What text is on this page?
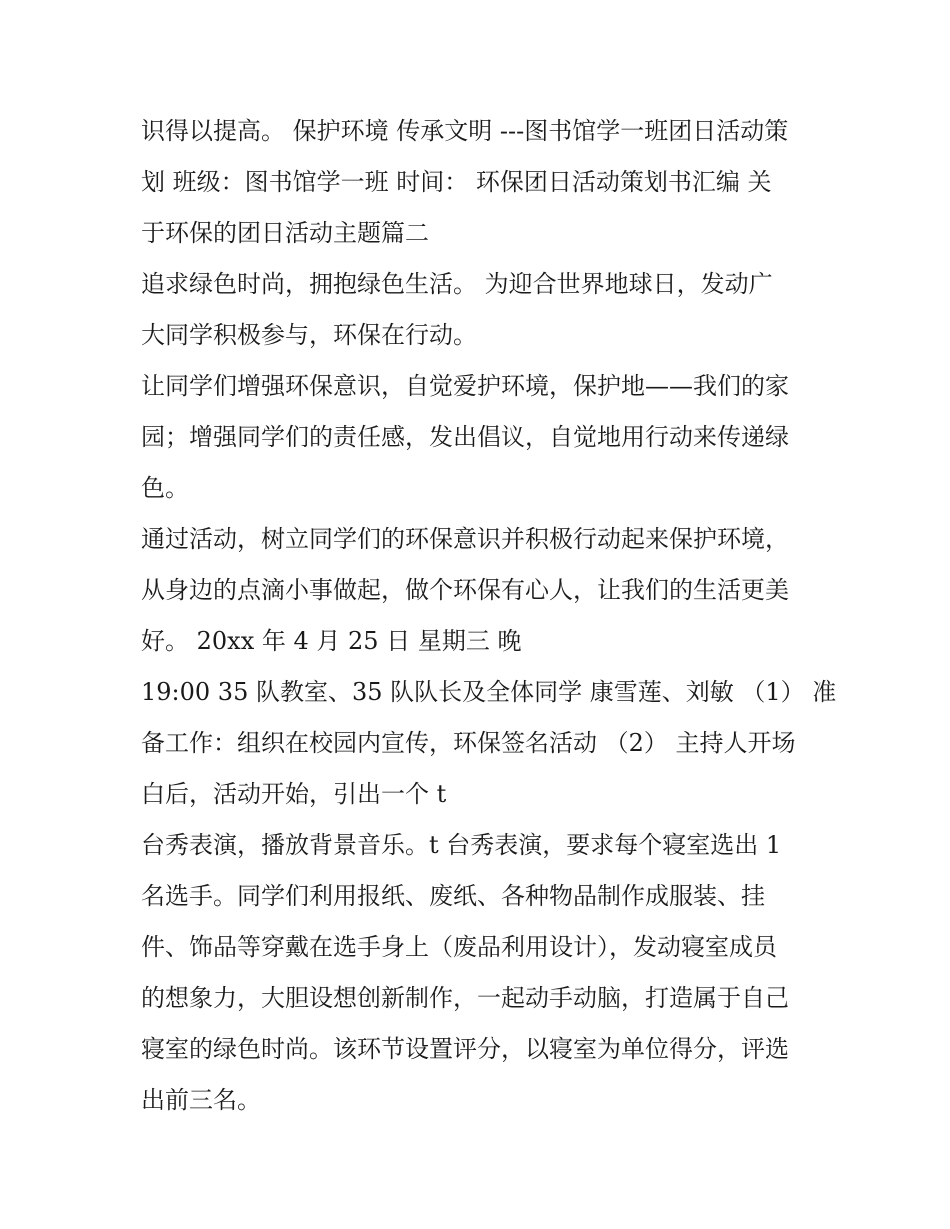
识得以提高。 保护环境 传承文明 ---图书馆学一班团日活动策

划 班级：图书馆学一班 时间： 环保团日活动策划书汇编 关

于环保的团日活动主题篇二

追求绿色时尚，拥抱绿色生活。 为迎合世界地球日，发动广

大同学积极参与，环保在行动。

让同学们增强环保意识，自觉爱护环境，保护地——我们的家

园；增强同学们的责任感，发出倡议，自觉地用行动来传递绿

色。

通过活动，树立同学们的环保意识并积极行动起来保护环境，

从身边的点滴小事做起，做个环保有心人，让我们的生活更美

好。 20xx 年 4 月 25 日 星期三 晚

19:00 35 队教室、35 队队长及全体同学 康雪莲、刘敏 （1） 准

备工作：组织在校园内宣传，环保签名活动 （2） 主持人开场

白后，活动开始，引出一个 t

台秀表演，播放背景音乐。t 台秀表演，要求每个寝室选出 1

名选手。同学们利用报纸、废纸、各种物品制作成服装、挂

件、饰品等穿戴在选手身上（废品利用设计），发动寝室成员

的想象力，大胆设想创新制作，一起动手动脑，打造属于自己

寝室的绿色时尚。该环节设置评分，以寝室为单位得分，评选

出前三名。
